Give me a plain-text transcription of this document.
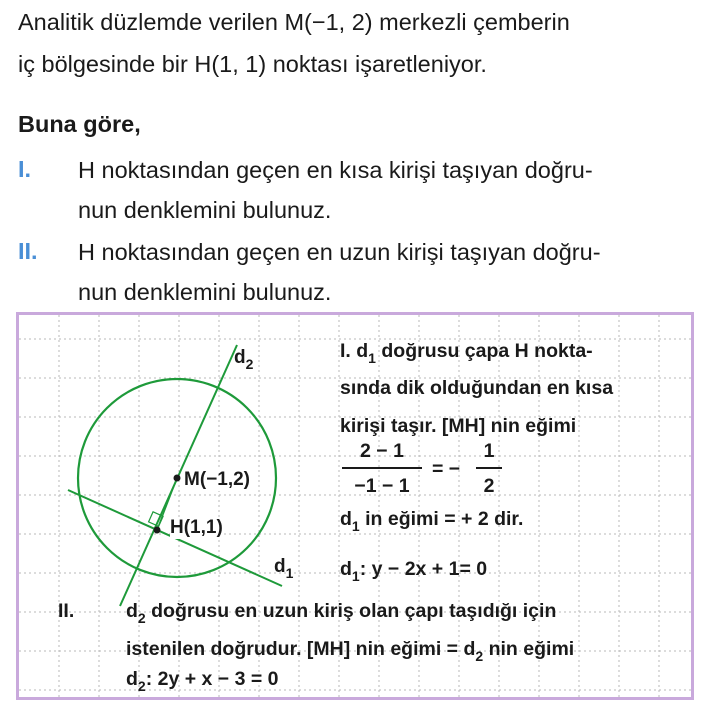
Analitik düzlemde verilen M(−1, 2) merkezli çemberin
iç bölgesinde bir H(1, 1) noktası işaretleniyor.
Buna göre,
I. H noktasından geçen en kısa kirişi taşıyan doğru-
nun denklemini bulunuz.
II. H noktasından geçen en uzun kirişi taşıyan doğru-
nun denklemini bulunuz.
$d_2$
$d_1$
M(−1,2)
H(1,1)
I. $d_1$ doğrusu çapa H nokta-
sında dik olduğundan en kısa
kirişi taşır. [MH] nin eğimi
$\frac{2 - 1}{-1 - 1}$ = − $\frac{1}{2}$
$d_1$ in eğimi = + 2 dir.
$d_1$: y − 2x + 1= 0
II.	$d_2$ doğrusu en uzun kiriş olan çapı taşıdığı için
istenilen doğrudur. [MH] nin eğimi = $d_2$ nin eğimi
$d_2$: 2y + x − 3 = 0
